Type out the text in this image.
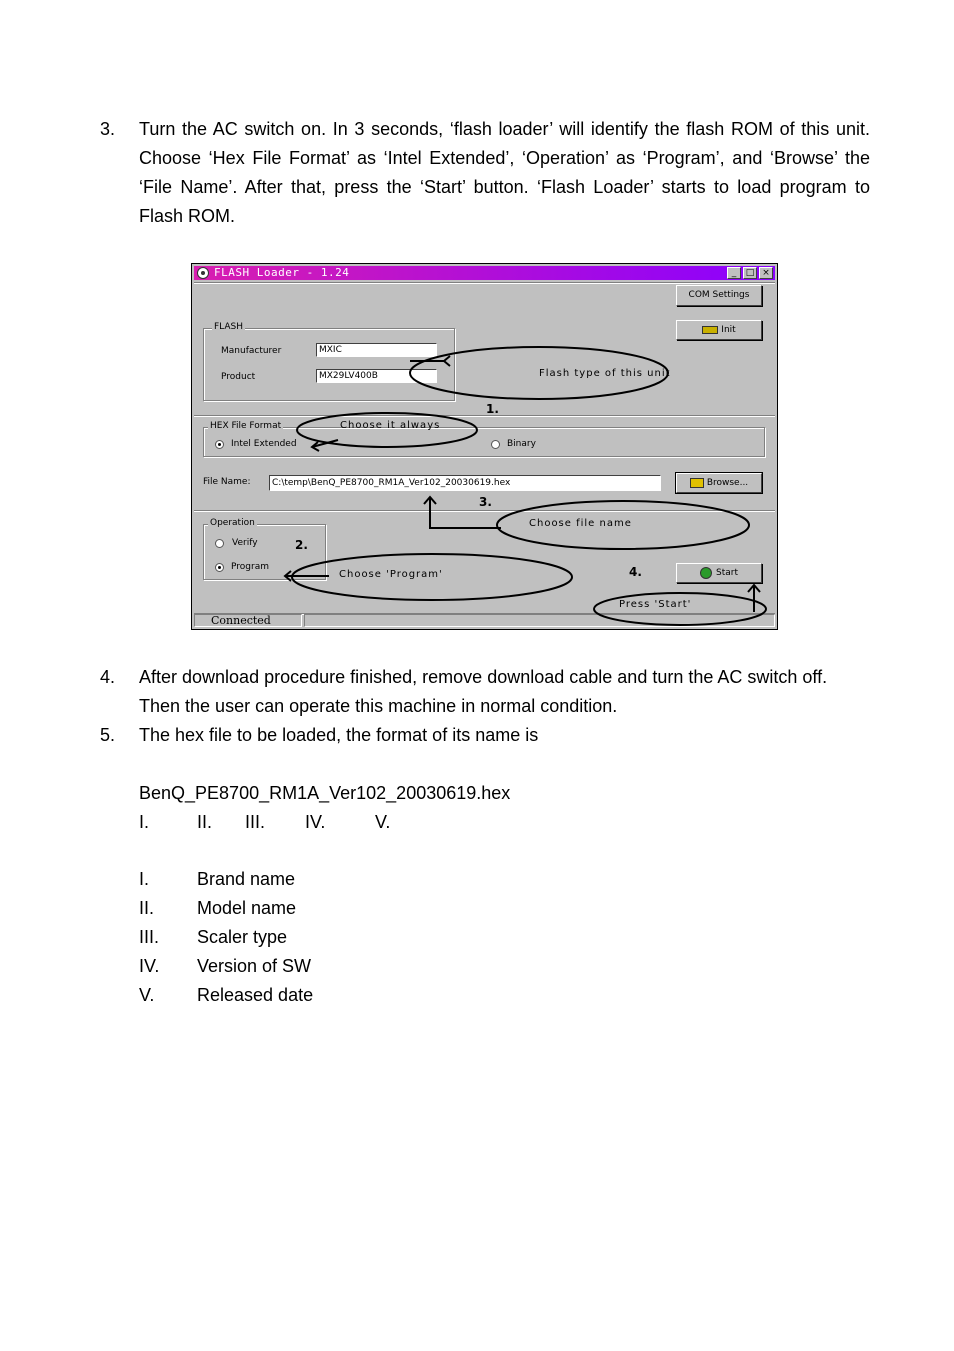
3. Turn the AC switch on. In 3 seconds, ‘flash loader’ will identify the flash ROM of this unit. Choose ‘Hex File Format’ as ‘Intel Extended’, ‘Operation’ as ‘Program’, and ‘Browse’ the ‘File Name’. After that, press the ‘Start’ button. ‘Flash Loader’ starts to load program to Flash ROM.
FLASH Loader - 1.24	_	□ ×
COM Settings
Init
FLASH
Manufacturer	MXIC
Product	MX29LV400B
HEX File Format
Intel Extended	Binary
File Name:	C:\temp\BenQ_PE8700_RM1A_Ver102_20030619.hex	Browse...
Operation
Verify
Program
Start
Connected
Flash type of this unit
Choose it always
Choose file name
Choose 'Program'
Press 'Start'
1.
2.
3.
4.
4. After download procedure finished, remove download cable and turn the AC switch off.
Then the user can operate this machine in normal condition.
5. The hex file to be loaded, the format of its name is
BenQ_PE8700_RM1A_Ver102_20030619.hex
I.	II. III. IV.	V.
I.	Brand name
II. Model name
III. Scaler type
IV. Version of SW
V. Released date
